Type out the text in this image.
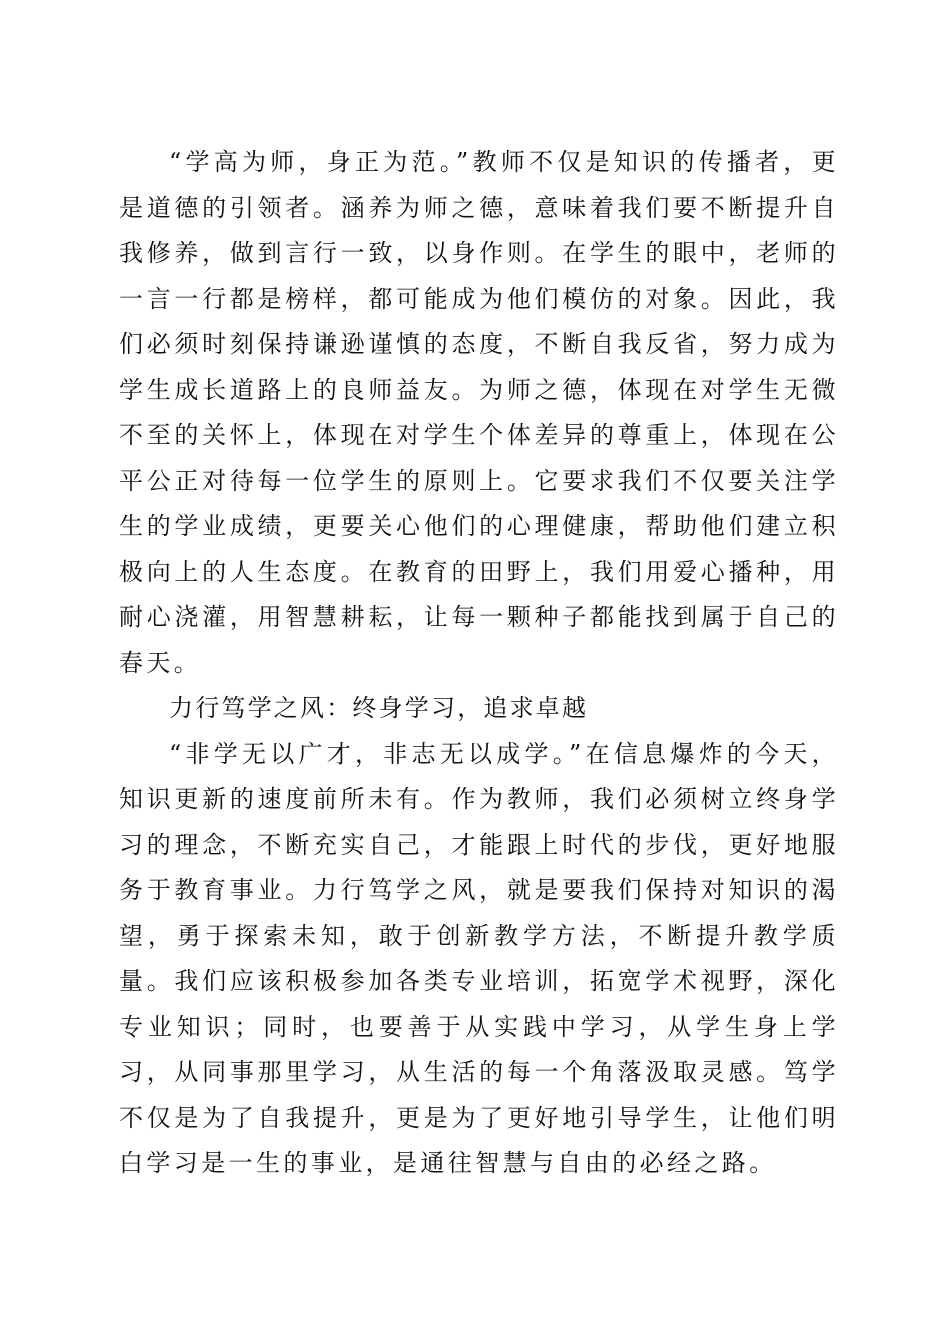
“学高为师，身正为范。”教师不仅是知识的传播者，更是道德的引领者。涵养为师之德，意味着我们要不断提升自我修养，做到言行一致，以身作则。在学生的眼中，老师的一言一行都是榜样，都可能成为他们模仿的对象。因此，我们必须时刻保持谦逊谨慎的态度，不断自我反省，努力成为学生成长道路上的良师益友。为师之德，体现在对学生无微不至的关怀上，体现在对学生个体差异的尊重上，体现在公平公正对待每一位学生的原则上。它要求我们不仅要关注学生的学业成绩，更要关心他们的心理健康，帮助他们建立积极向上的人生态度。在教育的田野上，我们用爱心播种，用耐心浇灌，用智慧耕耘，让每一颗种子都能找到属于自己的春天。

力行笃学之风：终身学习，追求卓越

“非学无以广才，非志无以成学。”在信息爆炸的今天，知识更新的速度前所未有。作为教师，我们必须树立终身学习的理念，不断充实自己，才能跟上时代的步伐，更好地服务于教育事业。力行笃学之风，就是要我们保持对知识的渴望，勇于探索未知，敢于创新教学方法，不断提升教学质量。我们应该积极参加各类专业培训，拓宽学术视野，深化专业知识；同时，也要善于从实践中学习，从学生身上学习，从同事那里学习，从生活的每一个角落汲取灵感。笃学不仅是为了自我提升，更是为了更好地引导学生，让他们明白学习是一生的事业，是通往智慧与自由的必经之路。
